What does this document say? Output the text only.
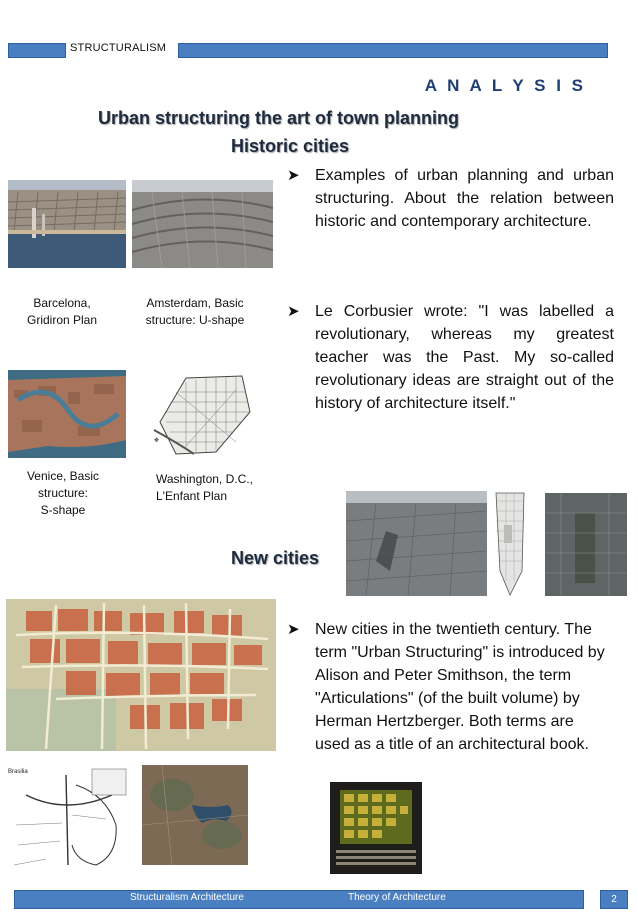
STRUCTURALISM
A N A L Y S I S
Urban structuring the art of town planning
Historic cities
New cities
➤ Examples of urban planning and urban structuring. About the relation between historic and contemporary architecture.
➤ Le Corbusier wrote: "I was labelled a revolutionary, whereas my greatest teacher was the Past. My so-called revolutionary ideas are straight out of the history of architecture itself."
➤ New cities in the twentieth century. The term "Urban Structuring" is introduced by Alison and Peter Smithson, the term "Articulations" (of the built volume) by Herman Hertzberger. Both terms are used as a title of an architectural book.
Barcelona,
Gridiron Plan
Amsterdam, Basic
structure: U-shape
✥
Venice, Basic
structure:
S-shape
Washington, D.C.,
L'Enfant Plan
Brasilia
Structuralism Architecture	Theory of Architecture	2
